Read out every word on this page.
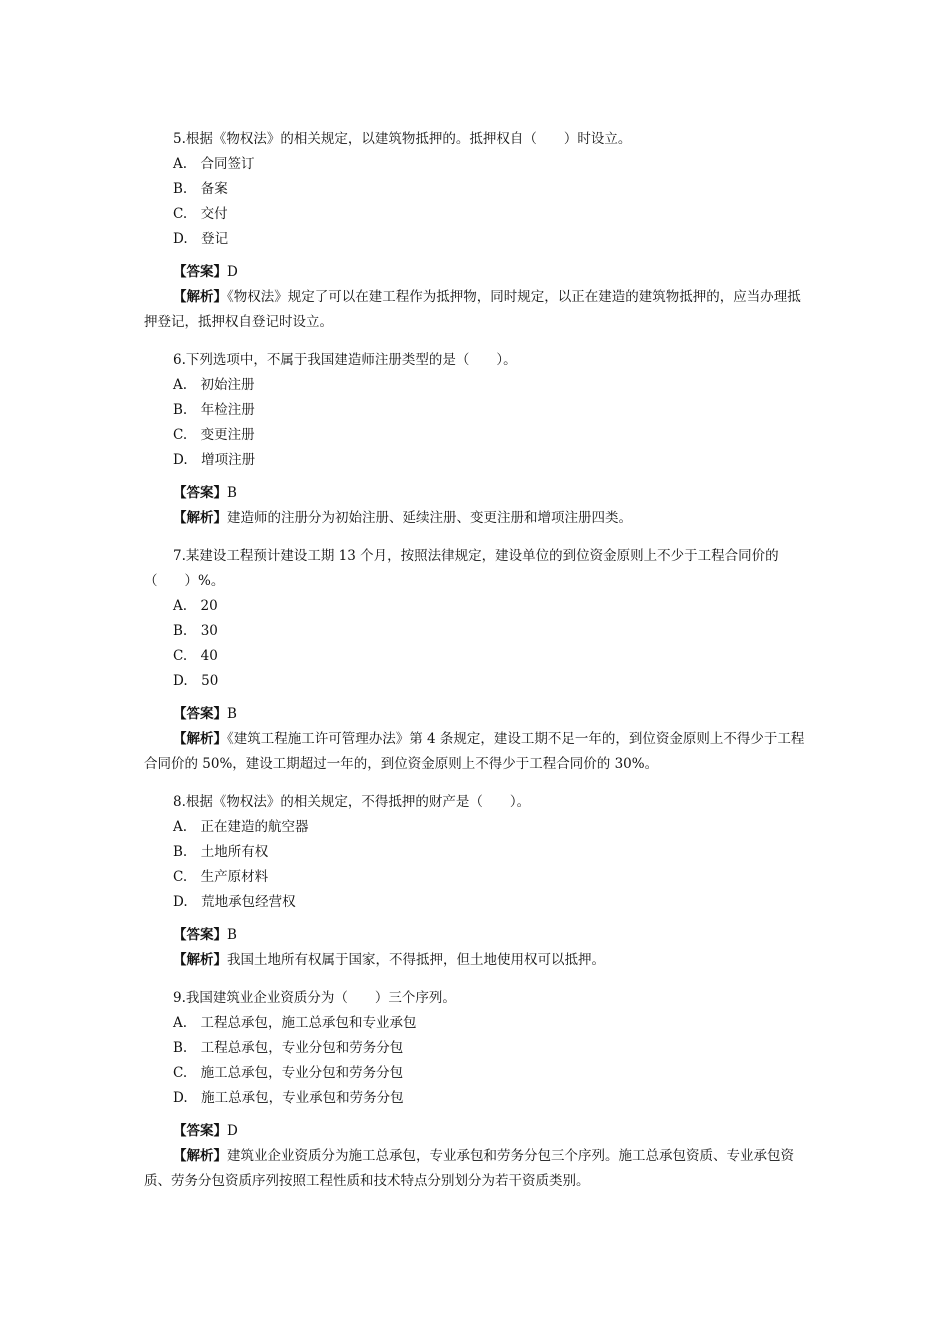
5.根据《物权法》的相关规定，以建筑物抵押的。抵押权自（　　）时设立。

A.　合同签订

B.　备案

C.　交付

D.　登记

【答案】D

【解析】《物权法》规定了可以在建工程作为抵押物，同时规定，以正在建造的建筑物抵押的，应当办理抵押登记，抵押权自登记时设立。

6.下列选项中，不属于我国建造师注册类型的是（　　）。

A.　初始注册

B.　年检注册

C.　变更注册

D.　增项注册

【答案】B

【解析】建造师的注册分为初始注册、延续注册、变更注册和增项注册四类。

7.某建设工程预计建设工期 13 个月，按照法律规定，建设单位的到位资金原则上不少于工程合同价的（　　）%。

A.　20

B.　30

C.　40

D.　50

【答案】B

【解析】《建筑工程施工许可管理办法》第 4 条规定，建设工期不足一年的，到位资金原则上不得少于工程合同价的 50%，建设工期超过一年的，到位资金原则上不得少于工程合同价的 30%。

8.根据《物权法》的相关规定，不得抵押的财产是（　　）。

A.　正在建造的航空器

B.　土地所有权

C.　生产原材料

D.　荒地承包经营权

【答案】B

【解析】我国土地所有权属于国家，不得抵押，但土地使用权可以抵押。

9.我国建筑业企业资质分为（　　）三个序列。

A.　工程总承包，施工总承包和专业承包

B.　工程总承包，专业分包和劳务分包

C.　施工总承包，专业分包和劳务分包

D.　施工总承包，专业承包和劳务分包

【答案】D

【解析】建筑业企业资质分为施工总承包，专业承包和劳务分包三个序列。施工总承包资质、专业承包资质、劳务分包资质序列按照工程性质和技术特点分别划分为若干资质类别。
